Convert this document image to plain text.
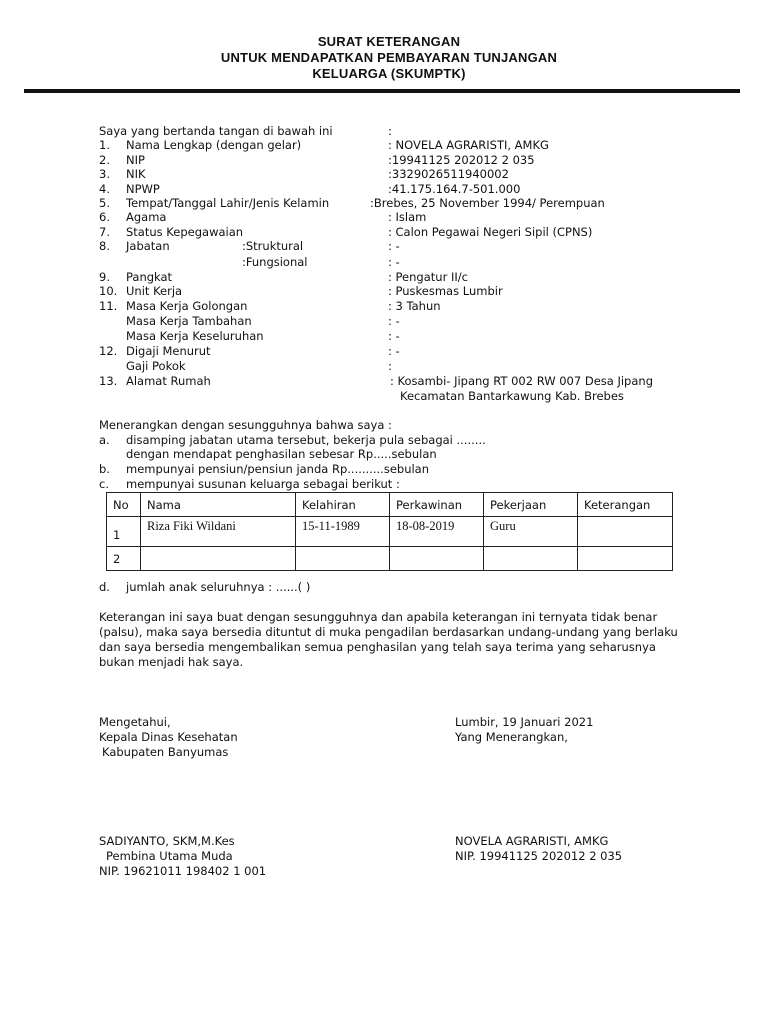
SURAT KETERANGAN
UNTUK MENDAPATKAN PEMBAYARAN TUNJANGAN
KELUARGA (SKUMPTK)
Saya yang bertanda tangan di bawah ini	:
1. Nama Lengkap (dengan gelar)	: NOVELA AGRARISTI, AMKG
2. NIP	:19941125 202012 2 035
3. NIK	:3329026511940002
4. NPWP	:41.175.164.7-501.000
5. Tempat/Tanggal Lahir/Jenis Kelamin	:Brebes, 25 November 1994/ Perempuan
6. Agama	: Islam
7. Status Kepegawaian	: Calon Pegawai Negeri Sipil (CPNS)
8. Jabatan	:Struktural	: -
:Fungsional	: -
9. Pangkat	: Pengatur II/c
10. Unit Kerja	: Puskesmas Lumbir
11. Masa Kerja Golongan	: 3 Tahun
Masa Kerja Tambahan	: -
Masa Kerja Keseluruhan	: -
12. Digaji Menurut	: -
Gaji Pokok	:
13. Alamat Rumah	: Kosambi- Jipang RT 002 RW 007 Desa Jipang
Kecamatan Bantarkawung Kab. Brebes
Menerangkan dengan sesungguhnya bahwa saya :
a. disamping jabatan utama tersebut, bekerja pula sebagai ........
dengan mendapat penghasilan sebesar Rp.....sebulan
b. mempunyai pensiun/pensiun janda Rp..........sebulan
c. mempunyai susunan keluarga sebagai berikut :
No	Nama	Kelahiran	Perkawinan	Pekerjaan	Keterangan
1	Riza Fiki Wildani	15-11-1989	18-08-2019	Guru	
2					
d. jumlah anak seluruhnya : ......( )
Keterangan ini saya buat dengan sesungguhnya dan apabila keterangan ini ternyata tidak benar (palsu), maka saya bersedia dituntut di muka pengadilan berdasarkan undang-undang yang berlaku dan saya bersedia mengembalikan semua penghasilan yang telah saya terima yang seharusnya bukan menjadi hak saya.
Mengetahui,
Kepala Dinas Kesehatan
Kabupaten Banyumas
SADIYANTO, SKM,M.Kes
Pembina Utama Muda
NIP. 19621011 198402 1 001
Lumbir, 19 Januari 2021
Yang Menerangkan,
NOVELA AGRARISTI, AMKG
NIP. 19941125 202012 2 035
